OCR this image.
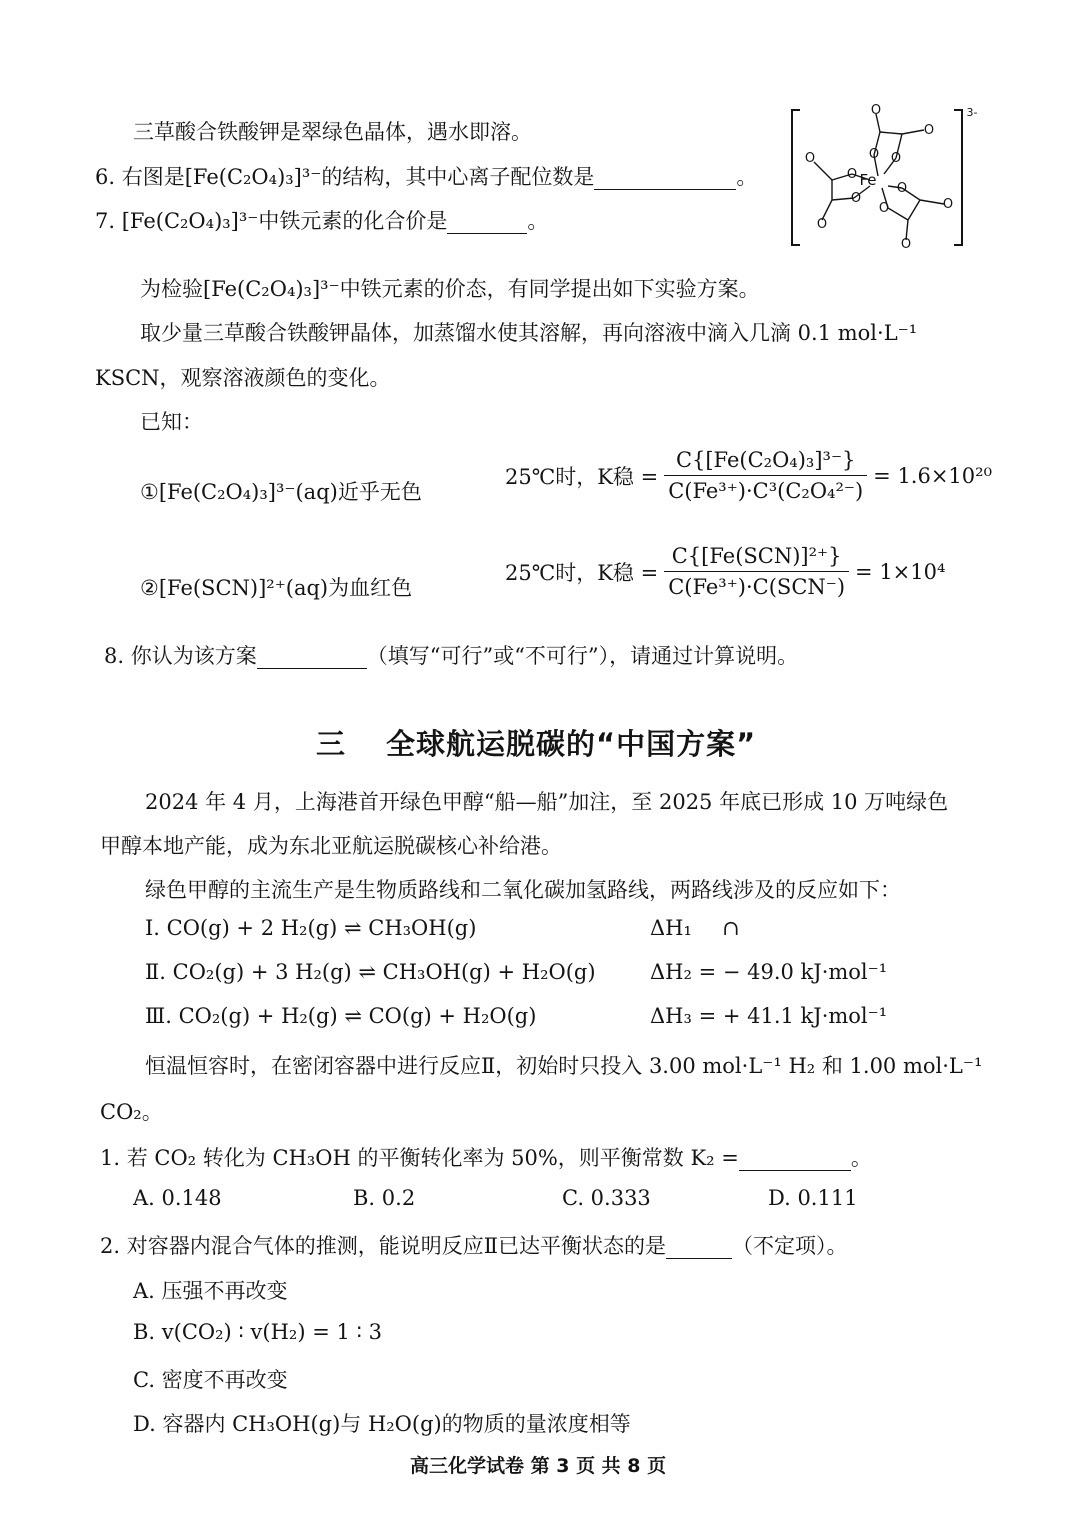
三草酸合铁酸钾是翠绿色晶体，遇水即溶。
6. 右图是[Fe(C₂O₄)₃]³⁻的结构，其中心离子配位数是	。
7. [Fe(C₂O₄)₃]³⁻中铁元素的化合价是	。
Fe
O
O O
O
O
O
O
O
O
O	O
O
3-
为检验[Fe(C₂O₄)₃]³⁻中铁元素的价态，有同学提出如下实验方案。
取少量三草酸合铁酸钾晶体，加蒸馏水使其溶解，再向溶液中滴入几滴 0.1 mol·L⁻¹
KSCN，观察溶液颜色的变化。
已知：
①[Fe(C₂O₄)₃]³⁻(aq)近乎无色
25℃时，K稳 = $\frac{\text{C\{[Fe(C₂O₄)₃]³⁻\}}}{\text{C(Fe³⁺)·C³(C₂O₄²⁻)}} = 1.6\times 10^{20}$
②[Fe(SCN)]²⁺(aq)为血红色
25℃时，K稳 = $\frac{\text{C\{[Fe(SCN)]²⁺\}}}{\text{C(Fe³⁺)·C(SCN⁻)}} = 1\times 10^4$
8. 你认为该方案	（填写“可行”或“不可行”），请通过计算说明。
三 全球航运脱碳的“中国方案”
2024 年 4 月，上海港首开绿色甲醇“船—船”加注，至 2025 年底已形成 10 万吨绿色
甲醇本地产能，成为东北亚航运脱碳核心补给港。
绿色甲醇的主流生产是生物质路线和二氧化碳加氢路线，两路线涉及的反应如下：
Ⅰ. CO(g) + 2 H₂(g) ⇌ CH₃OH(g)	ΔH₁ ∩
Ⅱ. CO₂(g) + 3 H₂(g) ⇌ CH₃OH(g) + H₂O(g)	ΔH₂ = − 49.0 kJ·mol⁻¹
Ⅲ. CO₂(g) + H₂(g) ⇌ CO(g) + H₂O(g)	ΔH₃ = + 41.1 kJ·mol⁻¹
恒温恒容时，在密闭容器中进行反应Ⅱ，初始时只投入 3.00 mol·L⁻¹ H₂ 和 1.00 mol·L⁻¹
CO₂。
1. 若 CO₂ 转化为 CH₃OH 的平衡转化率为 50%，则平衡常数 K₂ =	。
A. 0.148	B. 0.2	C. 0.333	D. 0.111
2. 对容器内混合气体的推测，能说明反应Ⅱ已达平衡状态的是	（不定项）。
A. 压强不再改变
B. v(CO₂) ∶ v(H₂) = 1 ∶ 3
C. 密度不再改变
D. 容器内 CH₃OH(g)与 H₂O(g)的物质的量浓度相等
高三化学试卷 第 3 页 共 8 页
